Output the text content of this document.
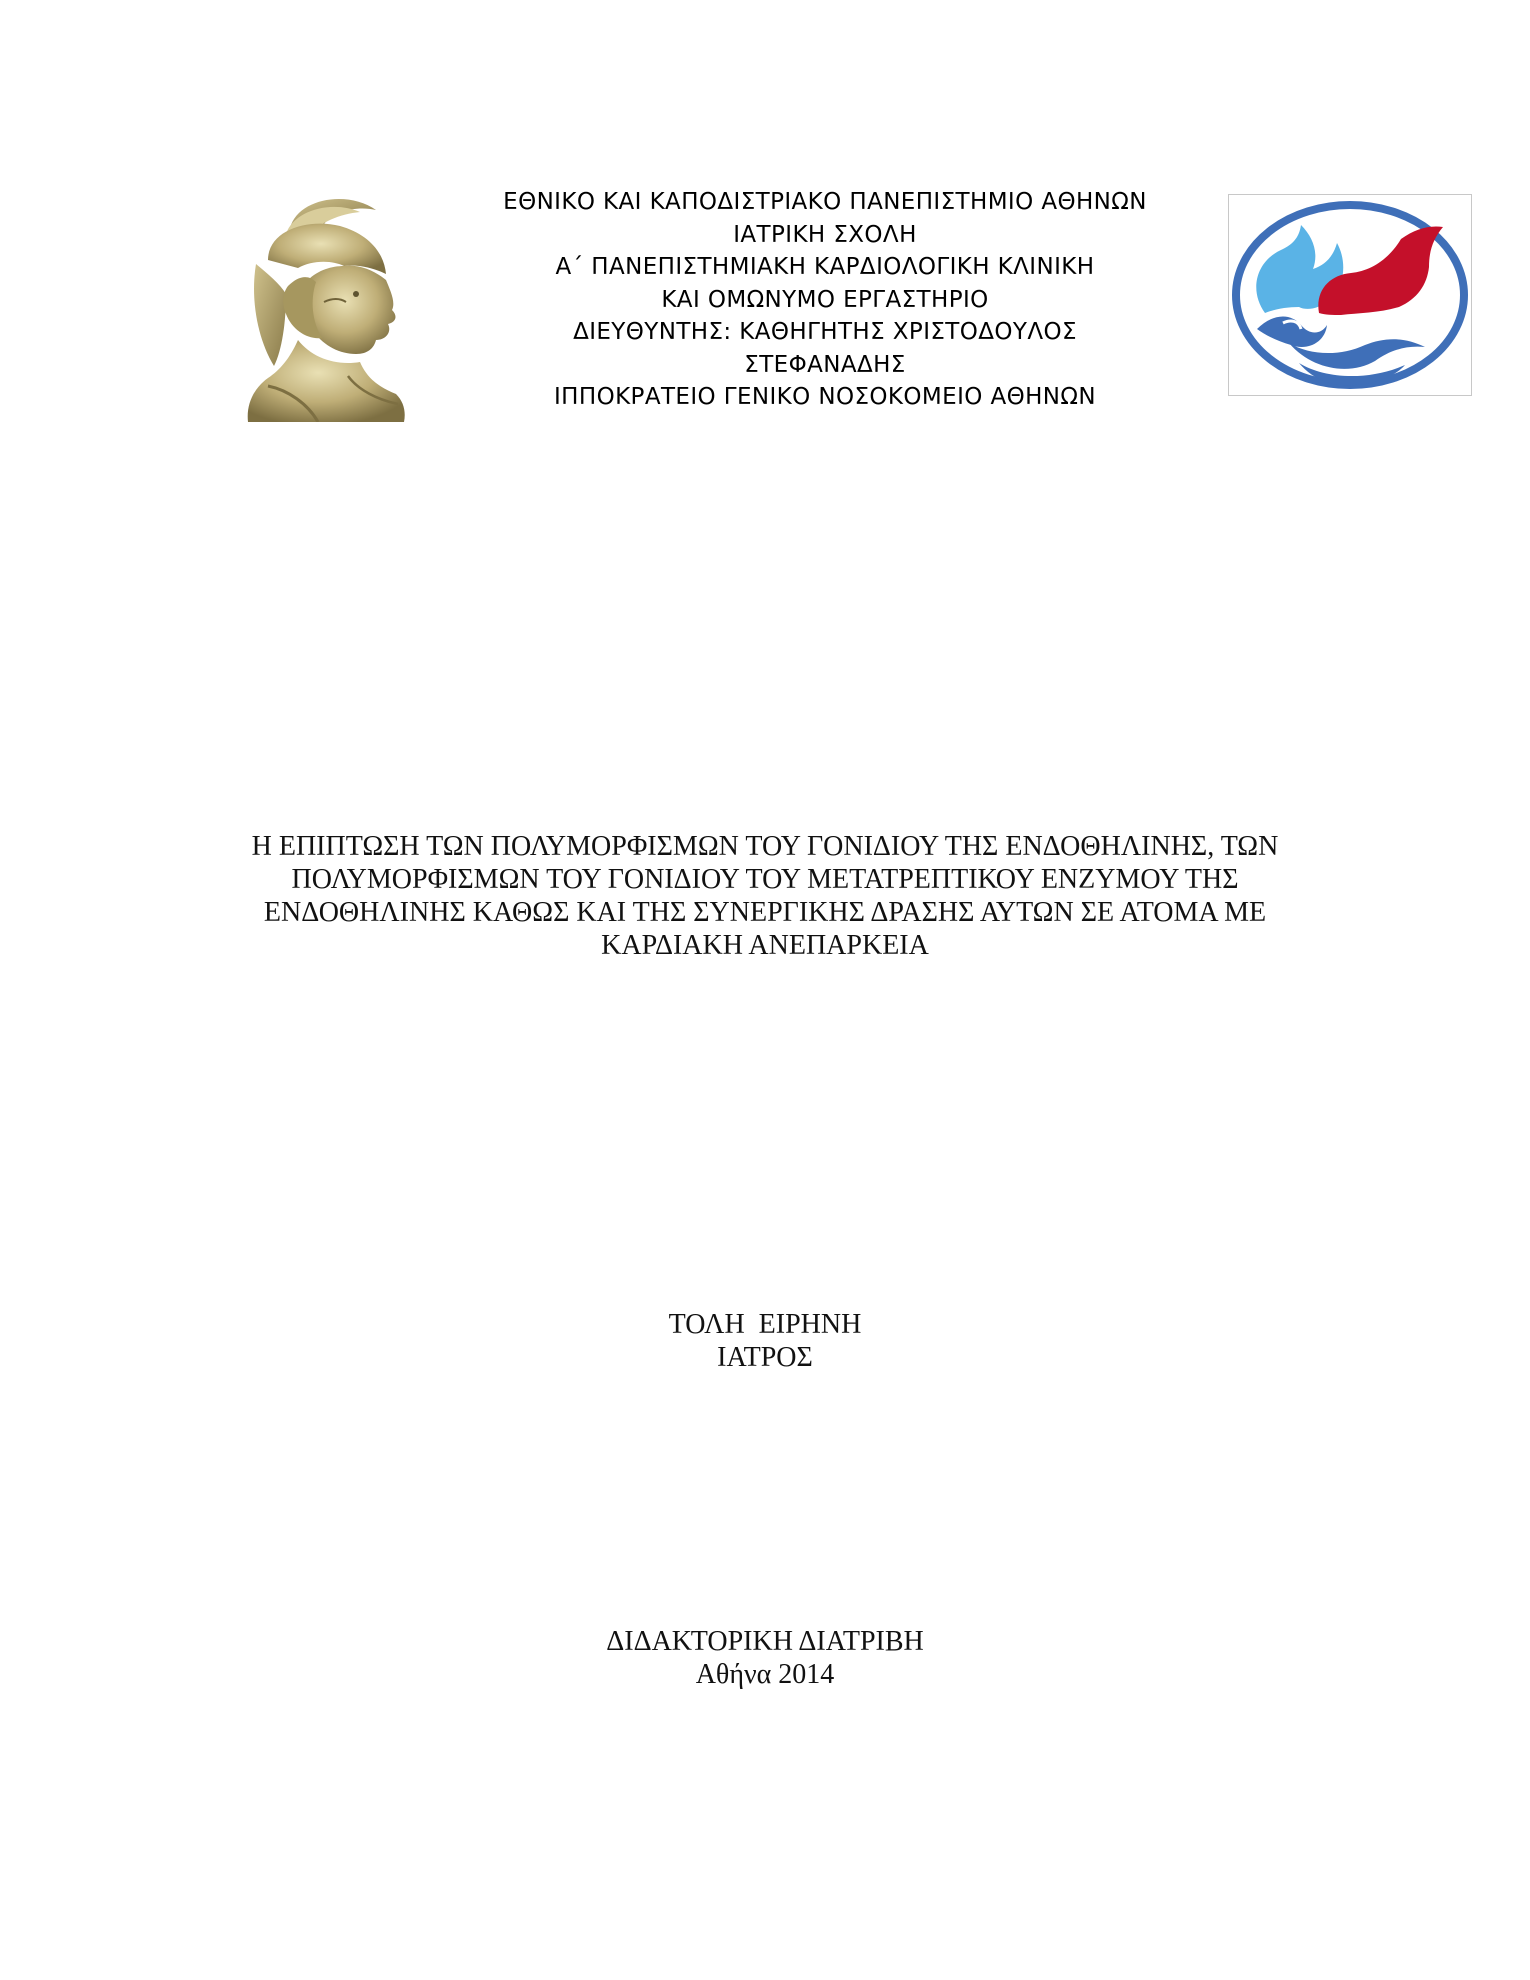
ΕΘΝΙΚΟ ΚΑΙ ΚΑΠΟΔΙΣΤΡΙΑΚΟ ΠΑΝΕΠΙΣΤΗΜΙΟ ΑΘΗΝΩΝ
ΙΑΤΡΙΚΗ ΣΧΟΛΗ
Α΄ ΠΑΝΕΠΙΣΤΗΜΙΑΚΗ ΚΑΡΔΙΟΛΟΓΙΚΗ ΚΛΙΝΙΚΗ
ΚΑΙ ΟΜΩΝΥΜΟ ΕΡΓΑΣΤΗΡΙΟ
ΔΙΕΥΘΥΝΤΗΣ: ΚΑΘΗΓΗΤΗΣ ΧΡΙΣΤΟΔΟΥΛΟΣ
ΣΤΕΦΑΝΑΔΗΣ
ΙΠΠΟΚΡΑΤΕΙΟ ΓΕΝΙΚΟ ΝΟΣΟΚΟΜΕΙΟ ΑΘΗΝΩΝ
Η ΕΠΙΠΤΩΣΗ ΤΩΝ ΠΟΛΥΜΟΡΦΙΣΜΩΝ ΤΟΥ ΓΟΝΙΔΙΟΥ ΤΗΣ ΕΝΔΟΘΗΛΙΝΗΣ, ΤΩΝ
ΠΟΛΥΜΟΡΦΙΣΜΩΝ ΤΟΥ ΓΟΝΙΔΙΟΥ ΤΟΥ ΜΕΤΑΤΡΕΠΤΙΚΟΥ ΕΝΖΥΜΟΥ ΤΗΣ
ΕΝΔΟΘΗΛΙΝΗΣ ΚΑΘΩΣ ΚΑΙ ΤΗΣ ΣΥΝΕΡΓΙΚΗΣ ΔΡΑΣΗΣ ΑΥΤΩΝ ΣΕ ΑΤΟΜΑ ΜΕ
ΚΑΡΔΙΑΚΗ ΑΝΕΠΑΡΚΕΙΑ
ΤΟΛΗ  ΕΙΡΗΝΗ
ΙΑΤΡΟΣ
ΔΙΔΑΚΤΟΡΙΚΗ ΔΙΑΤΡΙΒΗ
Αθήνα 2014
